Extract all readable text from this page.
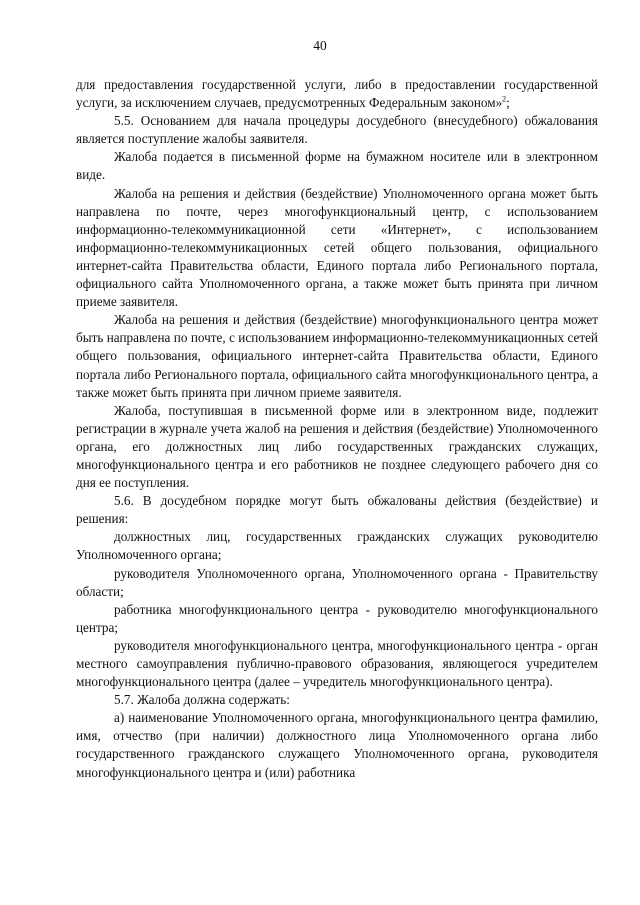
40

для предоставления государственной услуги, либо в предоставлении государственной услуги, за исключением случаев, предусмотренных Федеральным законом»$^2$;

5.5. Основанием для начала процедуры досудебного (внесудебного) обжалования является поступление жалобы заявителя.

Жалоба подается в письменной форме на бумажном носителе или в электронном виде.

Жалоба на решения и действия (бездействие) Уполномоченного органа может быть направлена по почте, через многофункциональный центр, с использованием информационно-телекоммуникационной сети «Интернет», с использованием информационно-телекоммуникационных сетей общего пользования, официального интернет-сайта Правительства области, Единого портала либо Регионального портала, официального сайта Уполномоченного органа, а также может быть принята при личном приеме заявителя.

Жалоба на решения и действия (бездействие) многофункционального центра может быть направлена по почте, с использованием информационно-телекоммуникационных сетей общего пользования, официального интернет-сайта Правительства области, Единого портала либо Регионального портала, официального сайта многофункционального центра, а также может быть принята при личном приеме заявителя.

Жалоба, поступившая в письменной форме или в электронном виде, подлежит регистрации в журнале учета жалоб на решения и действия (бездействие) Уполномоченного органа, его должностных лиц либо государственных гражданских служащих, многофункционального центра и его работников не позднее следующего рабочего дня со дня ее поступления.

5.6. В досудебном порядке могут быть обжалованы действия (бездействие) и решения:

должностных лиц, государственных гражданских служащих руководителю Уполномоченного органа;

руководителя Уполномоченного органа, Уполномоченного органа - Правительству области;

работника многофункционального центра - руководителю многофункционального центра;

руководителя многофункционального центра, многофункционального центра - орган местного самоуправления публично-правового образования, являющегося учредителем многофункционального центра (далее – учредитель многофункционального центра).

5.7. Жалоба должна содержать:

а) наименование Уполномоченного органа, многофункционального центра фамилию, имя, отчество (при наличии) должностного лица Уполномоченного органа либо государственного гражданского служащего Уполномоченного органа, руководителя многофункционального центра и (или) работника
